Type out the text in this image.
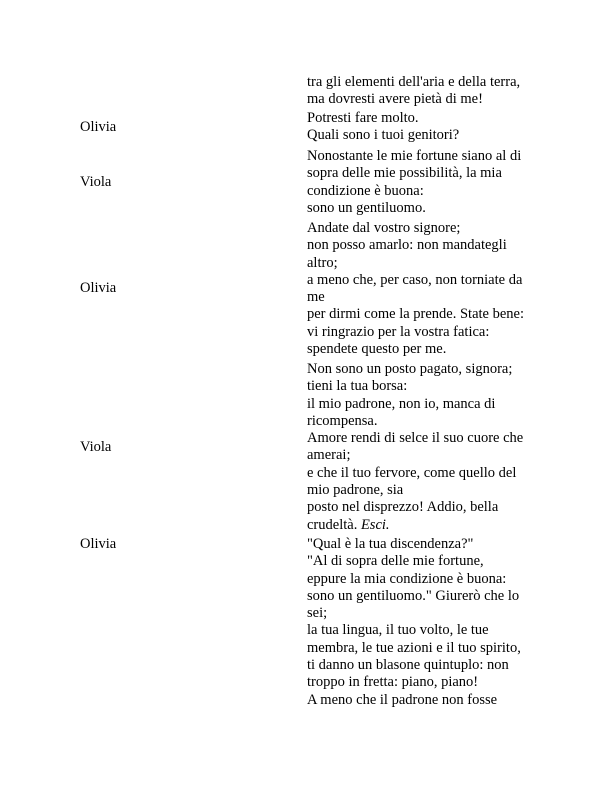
tra gli elementi dell'aria e della terra,
ma dovresti avere pietà di me!
Olivia
Potresti fare molto.
Quali sono i tuoi genitori?
Viola
Nonostante le mie fortune siano al di
sopra delle mie possibilità, la mia
condizione è buona:
sono un gentiluomo.
Olivia
Andate dal vostro signore;
non posso amarlo: non mandategli
altro;
a meno che, per caso, non torniate da
me
per dirmi come la prende. State bene:
vi ringrazio per la vostra fatica:
spendete questo per me.
Viola
Non sono un posto pagato, signora;
tieni la tua borsa:
il mio padrone, non io, manca di
ricompensa.
Amore rendi di selce il suo cuore che
amerai;
e che il tuo fervore, come quello del
mio padrone, sia
posto nel disprezzo! Addio, bella
crudeltà. Esci.
Olivia	"Qual è la tua discendenza?"
"Al di sopra delle mie fortune,
eppure la mia condizione è buona:
sono un gentiluomo." Giurerò che lo
sei;
la tua lingua, il tuo volto, le tue
membra, le tue azioni e il tuo spirito,
ti danno un blasone quintuplo: non
troppo in fretta: piano, piano!
A meno che il padrone non fosse
